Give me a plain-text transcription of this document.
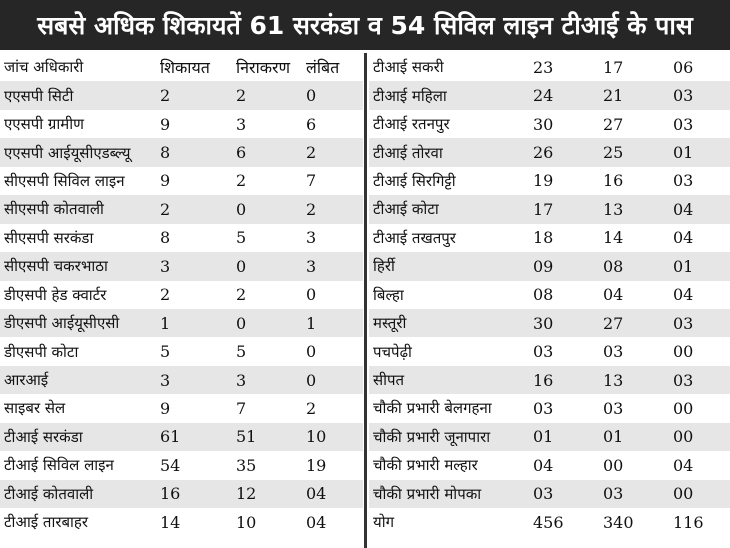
सबसे अधिक शिकायतें 61 सरकंडा व 54 सिविल लाइन टीआई के पास
जांच अधिकारी	शिकायत	निराकरण लंबित
एएसपी सिटी	2	2	0
एएसपी ग्रामीण	9	3	6
एएसपी आईयूसीएडब्ल्यू	8	6	2
सीएसपी सिविल लाइन	9	2	7
सीएसपी कोतवाली	2	0	2
सीएसपी सरकंडा	8	5	3
सीएसपी चकरभाठा	3	0	3
डीएसपी हेड क्वार्टर	2	2	0
डीएसपी आईयूसीएसी	1	0	1
डीएसपी कोटा	5	5	0
आरआई	3	3	0
साइबर सेल	9	7	2
टीआई सरकंडा	61	51	10
टीआई सिविल लाइन	54	35	19
टीआई कोतवाली	16	12	04
टीआई तारबाहर	14	10	04
टीआई सकरी	23	17	06
टीआई महिला	24	21	03
टीआई रतनपुर	30	27	03
टीआई तोरवा	26	25	01
टीआई सिरगिट्टी	19	16	03
टीआई कोटा	17	13	04
टीआई तखतपुर	18	14	04
हिर्री	09	08	01
बिल्हा	08	04	04
मस्तूरी	30	27	03
पचपेढ़ी	03	03	00
सीपत	16	13	03
चौकी प्रभारी बेलगहना	03	03	00
चौकी प्रभारी जूनापारा	01	01	00
चौकी प्रभारी मल्हार	04	00	04
चौकी प्रभारी मोपका	03	03	00
योग	456	340	116
